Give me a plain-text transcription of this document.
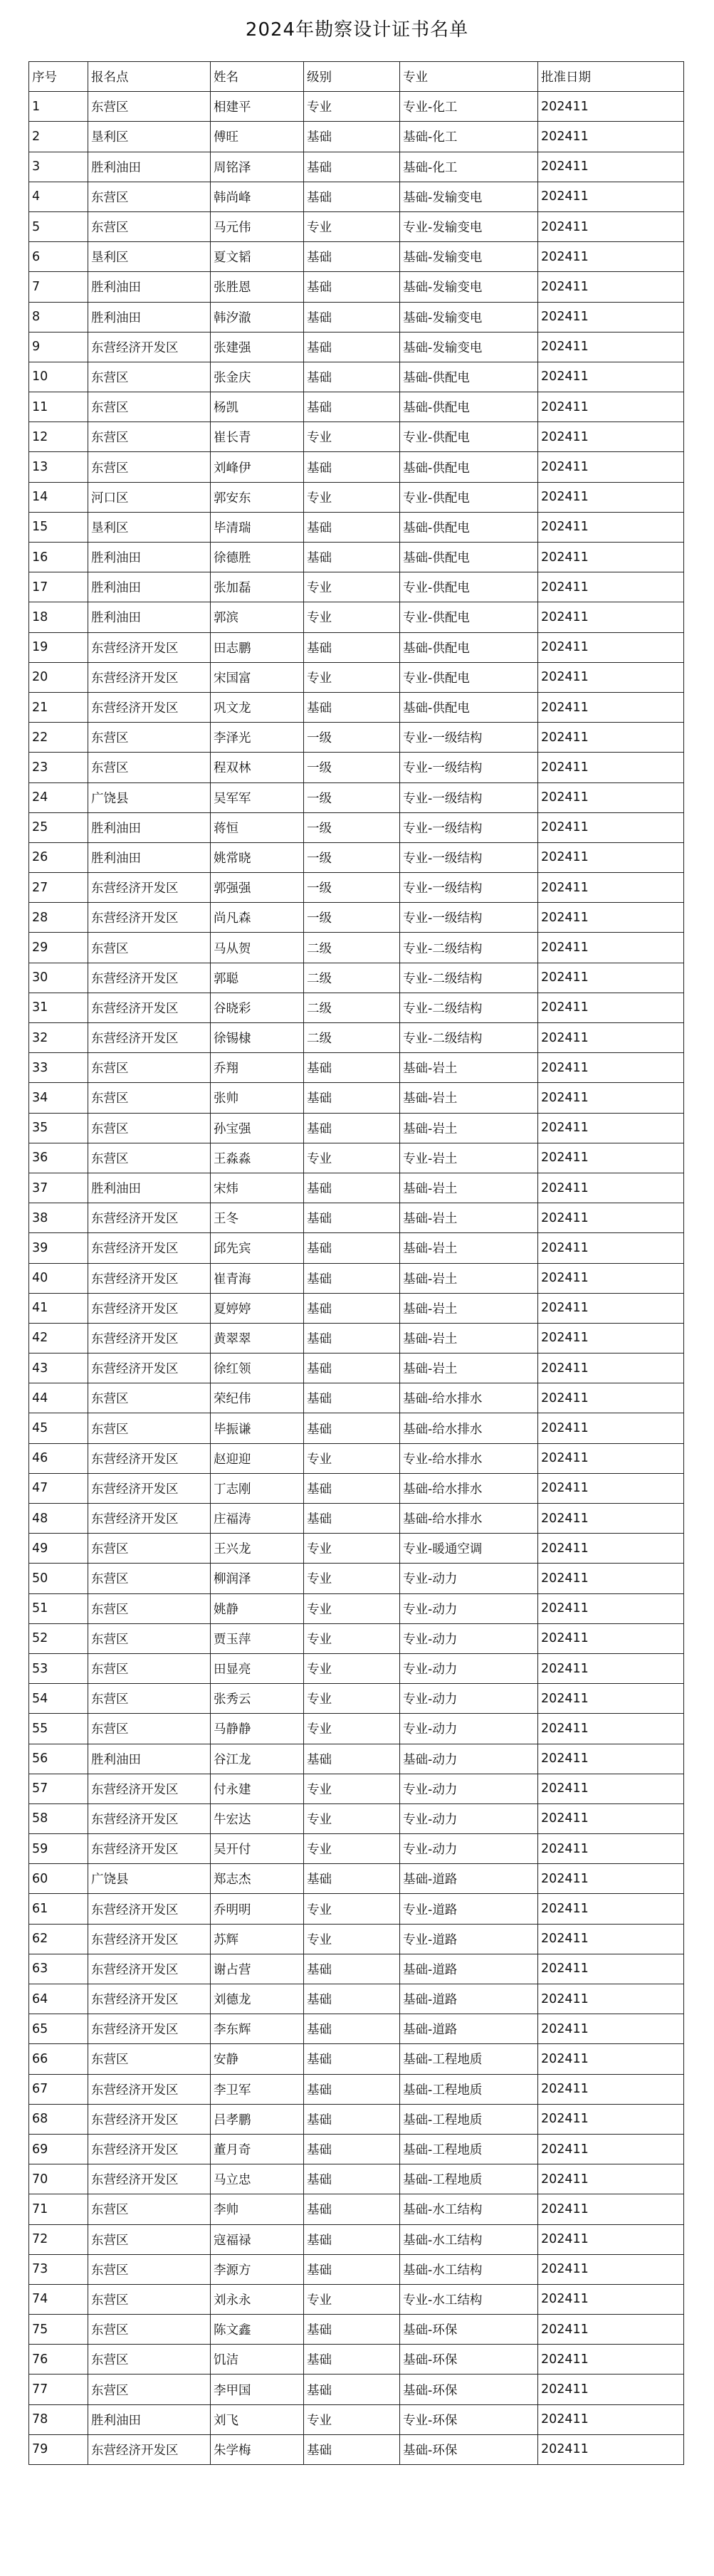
2024年勘察设计证书名单
序号	报名点	姓名	级别	专业	批准日期
1	东营区	相建平	专业	专业-化工	202411
2	垦利区	傅旺	基础	基础-化工	202411
3	胜利油田	周铭泽	基础	基础-化工	202411
4	东营区	韩尚峰	基础	基础-发输变电	202411
5	东营区	马元伟	专业	专业-发输变电	202411
6	垦利区	夏文韬	基础	基础-发输变电	202411
7	胜利油田	张胜恩	基础	基础-发输变电	202411
8	胜利油田	韩汐澈	基础	基础-发输变电	202411
9	东营经济开发区	张建强	基础	基础-发输变电	202411
10	东营区	张金庆	基础	基础-供配电	202411
11	东营区	杨凯	基础	基础-供配电	202411
12	东营区	崔长青	专业	专业-供配电	202411
13	东营区	刘峰伊	基础	基础-供配电	202411
14	河口区	郭安东	专业	专业-供配电	202411
15	垦利区	毕清瑞	基础	基础-供配电	202411
16	胜利油田	徐德胜	基础	基础-供配电	202411
17	胜利油田	张加磊	专业	专业-供配电	202411
18	胜利油田	郭滨	专业	专业-供配电	202411
19	东营经济开发区	田志鹏	基础	基础-供配电	202411
20	东营经济开发区	宋国富	专业	专业-供配电	202411
21	东营经济开发区	巩文龙	基础	基础-供配电	202411
22	东营区	李泽光	一级	专业-一级结构	202411
23	东营区	程双林	一级	专业-一级结构	202411
24	广饶县	吴军军	一级	专业-一级结构	202411
25	胜利油田	蒋恒	一级	专业-一级结构	202411
26	胜利油田	姚常晓	一级	专业-一级结构	202411
27	东营经济开发区	郭强强	一级	专业-一级结构	202411
28	东营经济开发区	尚凡森	一级	专业-一级结构	202411
29	东营区	马从贺	二级	专业-二级结构	202411
30	东营经济开发区	郭聪	二级	专业-二级结构	202411
31	东营经济开发区	谷晓彩	二级	专业-二级结构	202411
32	东营经济开发区	徐锡棣	二级	专业-二级结构	202411
33	东营区	乔翔	基础	基础-岩土	202411
34	东营区	张帅	基础	基础-岩土	202411
35	东营区	孙宝强	基础	基础-岩土	202411
36	东营区	王淼淼	专业	专业-岩土	202411
37	胜利油田	宋炜	基础	基础-岩土	202411
38	东营经济开发区	王冬	基础	基础-岩土	202411
39	东营经济开发区	邱先宾	基础	基础-岩土	202411
40	东营经济开发区	崔青海	基础	基础-岩土	202411
41	东营经济开发区	夏婷婷	基础	基础-岩土	202411
42	东营经济开发区	黄翠翠	基础	基础-岩土	202411
43	东营经济开发区	徐红领	基础	基础-岩土	202411
44	东营区	荣纪伟	基础	基础-给水排水	202411
45	东营区	毕振谦	基础	基础-给水排水	202411
46	东营经济开发区	赵迎迎	专业	专业-给水排水	202411
47	东营经济开发区	丁志刚	基础	基础-给水排水	202411
48	东营经济开发区	庄福涛	基础	基础-给水排水	202411
49	东营区	王兴龙	专业	专业-暖通空调	202411
50	东营区	柳润泽	专业	专业-动力	202411
51	东营区	姚静	专业	专业-动力	202411
52	东营区	贾玉萍	专业	专业-动力	202411
53	东营区	田显亮	专业	专业-动力	202411
54	东营区	张秀云	专业	专业-动力	202411
55	东营区	马静静	专业	专业-动力	202411
56	胜利油田	谷江龙	基础	基础-动力	202411
57	东营经济开发区	付永建	专业	专业-动力	202411
58	东营经济开发区	牛宏达	专业	专业-动力	202411
59	东营经济开发区	吴开付	专业	专业-动力	202411
60	广饶县	郑志杰	基础	基础-道路	202411
61	东营经济开发区	乔明明	专业	专业-道路	202411
62	东营经济开发区	苏辉	专业	专业-道路	202411
63	东营经济开发区	谢占营	基础	基础-道路	202411
64	东营经济开发区	刘德龙	基础	基础-道路	202411
65	东营经济开发区	李东辉	基础	基础-道路	202411
66	东营区	安静	基础	基础-工程地质	202411
67	东营经济开发区	李卫军	基础	基础-工程地质	202411
68	东营经济开发区	吕孝鹏	基础	基础-工程地质	202411
69	东营经济开发区	董月奇	基础	基础-工程地质	202411
70	东营经济开发区	马立忠	基础	基础-工程地质	202411
71	东营区	李帅	基础	基础-水工结构	202411
72	东营区	寇福禄	基础	基础-水工结构	202411
73	东营区	李源方	基础	基础-水工结构	202411
74	东营区	刘永永	专业	专业-水工结构	202411
75	东营区	陈文鑫	基础	基础-环保	202411
76	东营区	饥洁	基础	基础-环保	202411
77	东营区	李甲国	基础	基础-环保	202411
78	胜利油田	刘飞	专业	专业-环保	202411
79	东营经济开发区	朱学梅	基础	基础-环保	202411
